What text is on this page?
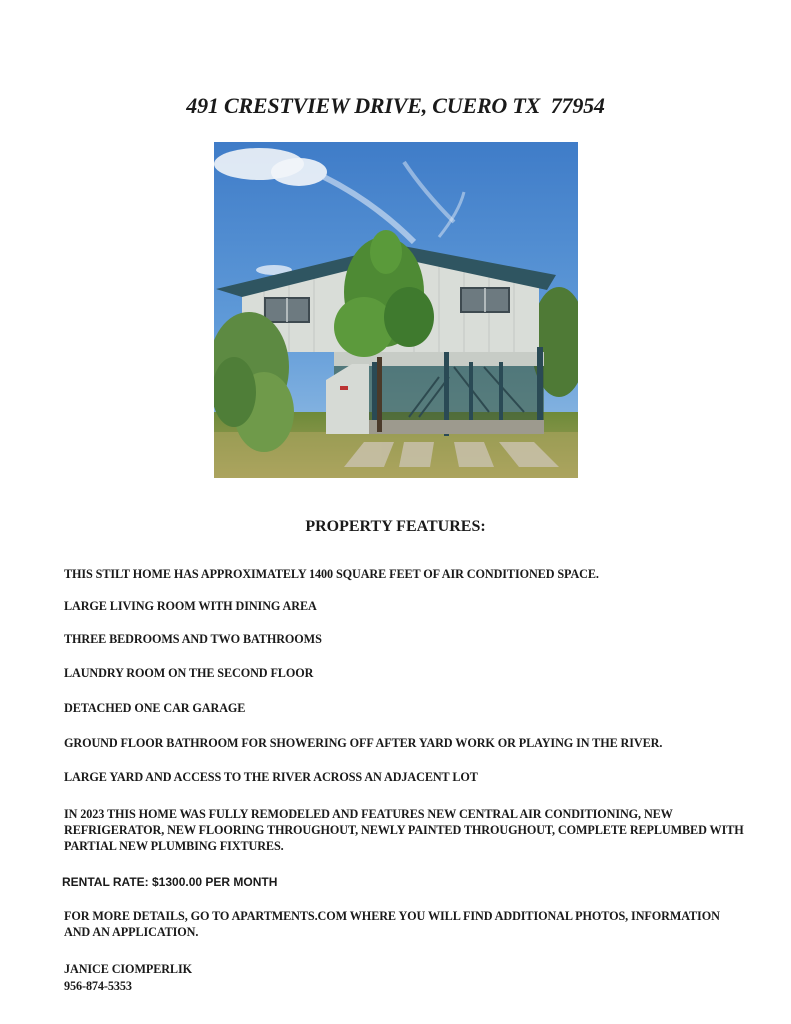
491 CRESTVIEW DRIVE, CUERO TX  77954
PROPERTY FEATURES:
THIS STILT HOME HAS APPROXIMATELY 1400 SQUARE FEET OF AIR CONDITIONED SPACE.
LARGE LIVING ROOM WITH DINING AREA
THREE BEDROOMS AND TWO BATHROOMS
LAUNDRY ROOM ON THE SECOND FLOOR
DETACHED ONE CAR GARAGE
GROUND FLOOR BATHROOM FOR SHOWERING OFF AFTER YARD WORK OR PLAYING IN THE RIVER.
LARGE YARD AND ACCESS TO THE RIVER ACROSS AN ADJACENT LOT
IN 2023 THIS HOME WAS FULLY REMODELED AND FEATURES NEW CENTRAL AIR CONDITIONING, NEW REFRIGERATOR, NEW FLOORING THROUGHOUT, NEWLY PAINTED THROUGHOUT, COMPLETE REPLUMBED WITH PARTIAL NEW PLUMBING FIXTURES.
RENTAL RATE: $1300.00 PER MONTH
FOR MORE DETAILS, GO TO APARTMENTS.COM WHERE YOU WILL FIND ADDITIONAL PHOTOS, INFORMATION AND AN APPLICATION.
JANICE CIOMPERLIK
956-874-5353
